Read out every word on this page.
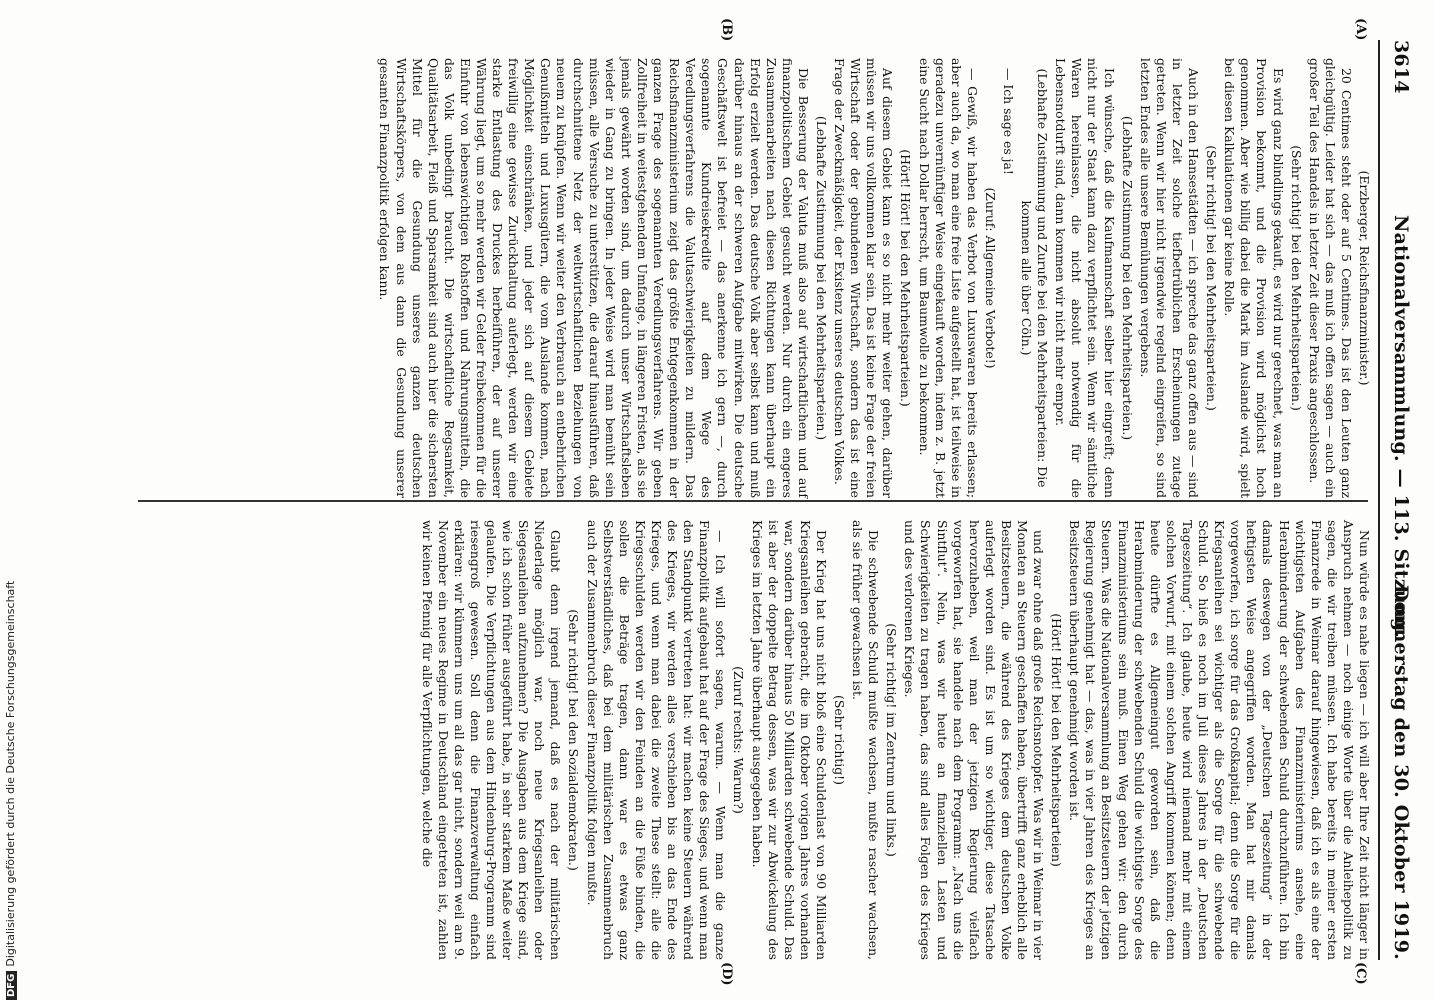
3614
Nationalversammlung. — 113. Sitzung.
Donnerstag den 30. Oktober 1919.
(A)
(B)
(C)
(D)

(Erzberger, Reichsfinanzminister.)

20 Centimes steht oder auf 5 Centimes. Das ist den Leuten ganz gleichgültig. Leider hat sich — das muß ich offen sagen — auch ein großer Teil des Handels in letzter Zeit dieser Praxis angeschlossen.

(Sehr richtig! bei den Mehrheitsparteien.)

Es wird ganz blindlings gekauft, es wird nur gerechnet, was man an Provision bekommt, und die Provision wird möglichst hoch genommen. Aber wie billig dabei die Mark im Auslande wird, spielt bei diesen Kalkulationen gar keine Rolle.

(Sehr richtig! bei den Mehrheitsparteien.)

Auch in den Hansestädten — ich spreche das ganz offen aus — sind in letzter Zeit solche tiefbetrüblichen Erscheinungen zutage getreten. Wenn wir hier nicht irgendwie regelnd eingreifen, so sind letzten Endes alle unsere Bemühungen vergebens.

(Lebhafte Zustimmung bei den Mehrheitsparteien.)

Ich wünsche, daß die Kaufmannschaft selber hier eingreift; denn nicht nur der Staat kann dazu verpflichtet sein. Wenn wir sämtliche Waren hereinlassen, die nicht absolut notwendig für die Lebensnotdurft sind, dann kommen wir nicht mehr empor.

(Lebhafte Zustimmung und Zurufe bei den Mehrheitsparteien: Die kommen alle über Cöln.)

— Ich sage es ja!

(Zuruf: Allgemeine Verbote!)

— Gewiß, wir haben das Verbot von Luxuswaren bereits erlassen; aber auch da, wo man eine freie Liste aufgestellt hat, ist teilweise in geradezu unvernünftiger Weise eingekauft worden, indem z. B. jetzt eine Sucht nach Dollar herrscht, um Baumwolle zu bekommen.

(Hört! Hört! bei den Mehrheitsparteien.)

Auf diesem Gebiet kann es so nicht mehr weiter gehen, darüber müssen wir uns vollkommen klar sein. Das ist keine Frage der freien Wirtschaft oder der gebundenen Wirtschaft, sondern das ist eine Frage der Zweckmäßigkeit, der Existenz unseres deutschen Volkes.

(Lebhafte Zustimmung bei den Mehrheitsparteien.)

Die Besserung der Valuta muß also auf wirtschaftlichem und auf finanzpolitischem Gebiet gesucht werden. Nur durch ein engeres Zusammenarbeiten nach diesen Richtungen kann überhaupt ein Erfolg erzielt werden. Das deutsche Volk aber selbst kann und muß darüber hinaus an der schweren Aufgabe mitwirken. Die deutsche Geschäftswelt ist befreiet — das anerkenne ich gern —, durch sogenannte Kundreisekredite auf dem Wege des Veredlungsverfahrens die Valutaschwierigkeiten zu mildern. Das Reichsfinanzministerium zeigt das größte Entgegenkommen in der ganzen Frage des sogenannten Veredlungsverfahrens. Wir geben Zollfreiheit in weitestgehendem Umfange, in längeren Fristen, als sie jemals gewährt worden sind, um dadurch unser Wirtschaftsleben wieder in Gang zu bringen. In jeder Weise wird man bemüht sein müssen, alle Versuche zu unterstützen, die darauf hinausführen, daß durchschnittene Netz der weltwirtschaftlichen Beziehungen von neuem zu knüpfen. Wenn wir weiter den Verbrauch an entbehrlichen Genußmitteln und Luxusgütern, die vom Auslande kommen, nach Möglichkeit einschränken, und jeder sich auf diesem Gebiete freiwillig eine gewisse Zurückhaltung auferlegt, werden wir eine starke Entlastung des Druckes herbeiführen, der auf unserer Währung liegt, um so mehr werden wir Gelder freibekommen für die Einfuhr von lebenswichtigen Rohstoffen und Nahrungsmitteln, die das Volk unbedingt braucht. Die wirtschaftliche Regsamkeit, Qualitätsarbeit, Fleiß und Sparsamkeit sind auch hier die sichersten Mittel für die Gesundung unseres ganzen deutschen Wirtschaftskörpers, von dem aus dann die Gesundung unserer gesamten Finanzpolitik erfolgen kann.

Nun würde es nahe liegen — ich will aber Ihre Zeit nicht länger in Anspruch nehmen — noch einige Worte über die Anleihepolitik zu sagen, die wir treiben müssen. Ich habe bereits in meiner ersten Finanzrede in Weimar darauf hingewiesen, daß ich es als eine der wichtigsten Aufgaben des Finanzministeriums ansehe, eine Herabminderung der schwebenden Schuld durchzuführen. Ich bin damals deswegen von der „Deutschen Tageszeitung“ in der heftigsten Weise angegriffen worden. Man hat mir damals vorgeworfen, ich sorge für das Großkapital; denn die Sorge für die Kriegsanleihen sei wichtiger als die Sorge für die schwebende Schuld. So hieß es noch im Juli dieses Jahres in der „Deutschen Tageszeitung“. Ich glaube, heute wird niemand mehr mit einem solchen Vorwurf, mit einem solchen Angriff kommen können; denn heute dürfte es Allgemeingut geworden sein, daß die Herabminderung der schwebenden Schuld die wichtigste Sorge des Finanzministeriums sein muß. Einen Weg gehen wir: den durch Steuern. Was die Nationalversammlung an Besitzsteuern der jetzigen Regierung genehmigt hat — das, was in vier Jahren des Krieges an Besitzsteuern überhaupt genehmigt worden ist.

(Hört! Hört! bei den Mehrheitsparteien)

und zwar ohne daß große Reichsnotopfer. Was wir in Weimar in vier Monaten an Steuern geschaffen haben, übertrifft ganz erheblich alle Besitzsteuern, die während des Krieges dem deutschen Volke auferlegt worden sind. Es ist um so wichtiger, diese Tatsache hervorzuheben, weil man der jetzigen Regierung vielfach vorgeworfen hat, sie handele nach dem Programm: „Nach uns die Sintflut“. Nein, was wir heute an finanziellen Lasten und Schwierigkeiten zu tragen haben, das sind alles Folgen des Krieges und des verlorenen Krieges.

(Sehr richtig! im Zentrum und links.)

Die schwebende Schuld mußte wachsen, mußte rascher wachsen, als sie früher gewachsen ist.

(Sehr richtig!)

Der Krieg hat uns nicht bloß eine Schuldenlast von 90 Milliarden Kriegsanleihen gebracht, die im Oktober vorigen Jahres vorhanden war, sondern darüber hinaus 50 Milliarden schwebende Schuld. Das ist aber der doppelte Betrag dessen, was wir zur Abwickelung des Krieges im letzten Jahre überhaupt ausgegeben haben.

(Zuruf rechts: Warum?)

— Ich will sofort sagen, warum. — Wenn man die ganze Finanzpolitik aufgebaut hat auf der Frage des Sieges, und wenn man den Standpunkt vertreten hat: wir machen keine Steuern während des Krieges, wir werden alles verschieben bis an das Ende des Krieges, und wenn man dabei die zweite These stellt: alle die Kriegsschulden werden wir den Feinden an die Füße binden, die sollen die Beträge tragen, dann war es etwas ganz Selbstverständliches, daß bei dem militärischen Zusammenbruch auch der Zusammenbruch dieser Finanzpolitik folgen mußte.

(Sehr richtig! bei den Sozialdemokraten.)

Glaubt denn irgend jemand, daß es nach der militärischen Niederlage möglich war, noch neue Kriegsanleihen oder Siegesanleihen aufzunehmen? Die Ausgaben aus dem Kriege sind, wie ich schon früher ausgeführt habe, in sehr starkem Maße weiter gelaufen. Die Verpflichtungen aus dem Hindenburg-Programm sind riesengroß gewesen. Soll denn die Finanzverwaltung einfach erklären: wir kümmern uns um all das gar nicht, sondern weil am 9. November ein neues Regime in Deutschland eingetreten ist, zahlen wir keinen Pfennig für alle Verpflichtungen, welche die

DFGDigitalisierung gefördert durch die Deutsche Forschungsgemeinschaft
